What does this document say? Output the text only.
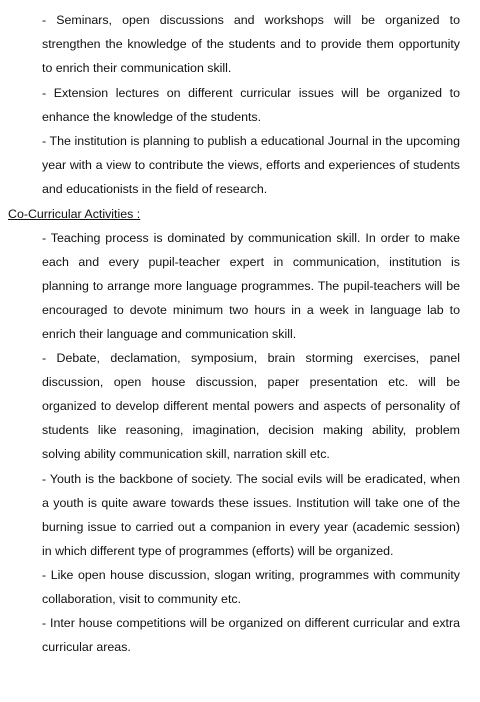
- Seminars, open discussions and workshops will be organized to strengthen the knowledge of the students and to provide them opportunity to enrich their communication skill.

- Extension lectures on different curricular issues will be organized to enhance the knowledge of the students.

- The institution is planning to publish a educational Journal in the upcoming year with a view to contribute the views, efforts and experiences of students and educationists in the field of research.

Co-Curricular Activities :

- Teaching process is dominated by communication skill. In order to make each and every pupil-teacher expert in communication, institution is planning to arrange more language programmes. The pupil-teachers will be encouraged to devote minimum two hours in a week in language lab to enrich their language and communication skill.

- Debate, declamation, symposium, brain storming exercises, panel discussion, open house discussion, paper presentation etc. will be organized to develop different mental powers and aspects of personality of students like reasoning, imagination, decision making ability, problem solving ability communication skill, narration skill etc.

- Youth is the backbone of society. The social evils will be eradicated, when a youth is quite aware towards these issues. Institution will take one of the burning issue to carried out a companion in every year (academic session) in which different type of programmes (efforts) will be organized.

- Like open house discussion, slogan writing, programmes with community collaboration, visit to community etc.

- Inter house competitions will be organized on different curricular and extra curricular areas.
